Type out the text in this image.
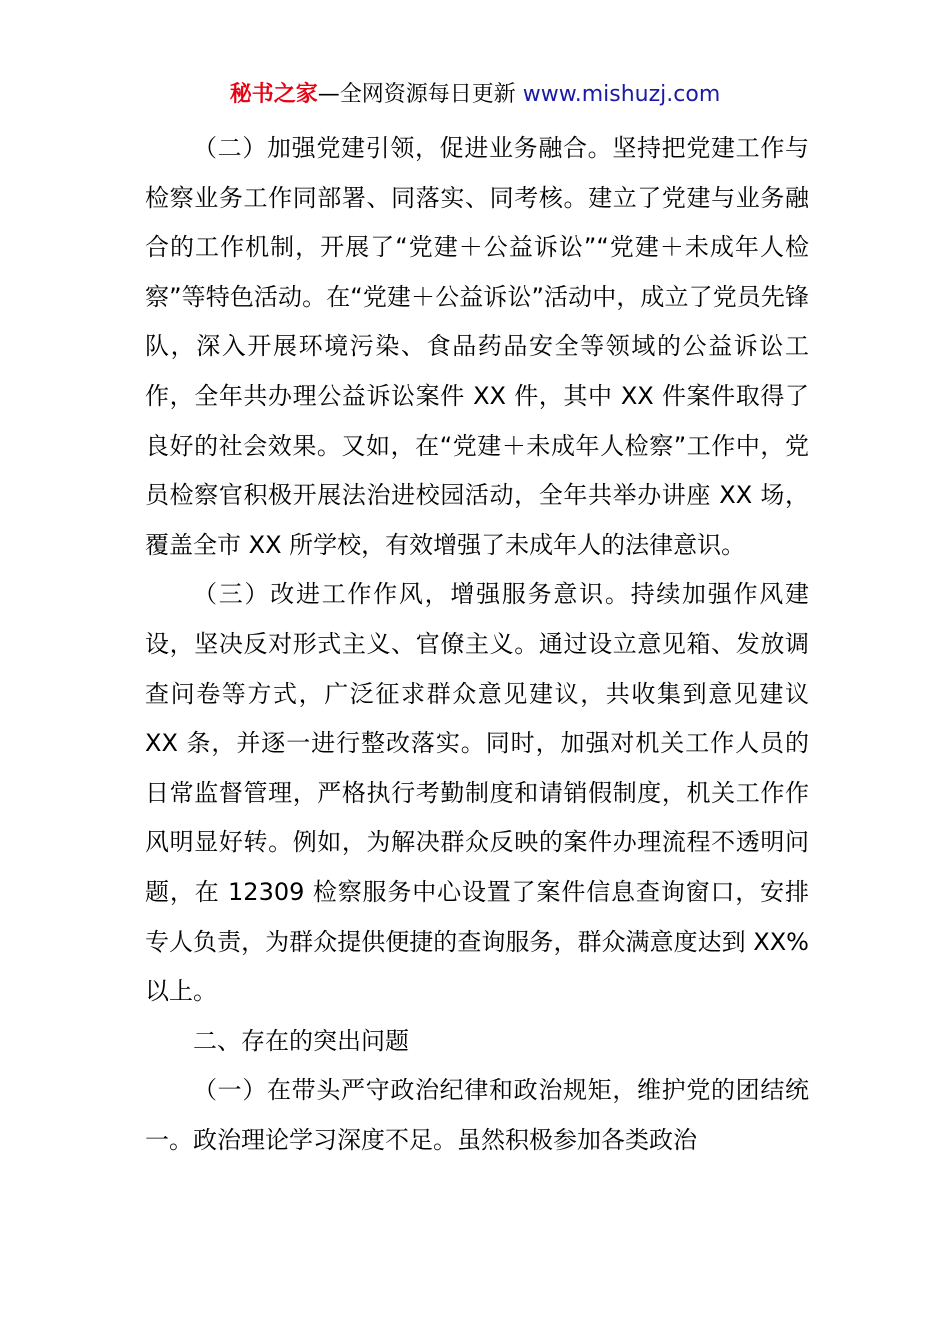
秘书之家—全网资源每日更新 www.mishuzj.com

（二）加强党建引领，促进业务融合。坚持把党建工作与检察业务工作同部署、同落实、同考核。建立了党建与业务融合的工作机制，开展了“党建＋公益诉讼”“党建＋未成年人检察”等特色活动。在“党建＋公益诉讼”活动中，成立了党员先锋队，深入开展环境污染、食品药品安全等领域的公益诉讼工作，全年共办理公益诉讼案件 XX 件，其中 XX 件案件取得了良好的社会效果。又如，在“党建＋未成年人检察”工作中，党员检察官积极开展法治进校园活动，全年共举办讲座 XX 场，覆盖全市 XX 所学校，有效增强了未成年人的法律意识。

（三）改进工作作风，增强服务意识。持续加强作风建设，坚决反对形式主义、官僚主义。通过设立意见箱、发放调查问卷等方式，广泛征求群众意见建议，共收集到意见建议 XX 条，并逐一进行整改落实。同时，加强对机关工作人员的日常监督管理，严格执行考勤制度和请销假制度，机关工作作风明显好转。例如，为解决群众反映的案件办理流程不透明问题，在 12309 检察服务中心设置了案件信息查询窗口，安排专人负责，为群众提供便捷的查询服务，群众满意度达到 XX%以上。

二、存在的突出问题

（一）在带头严守政治纪律和政治规矩，维护党的团结统一。政治理论学习深度不足。虽然积极参加各类政治
